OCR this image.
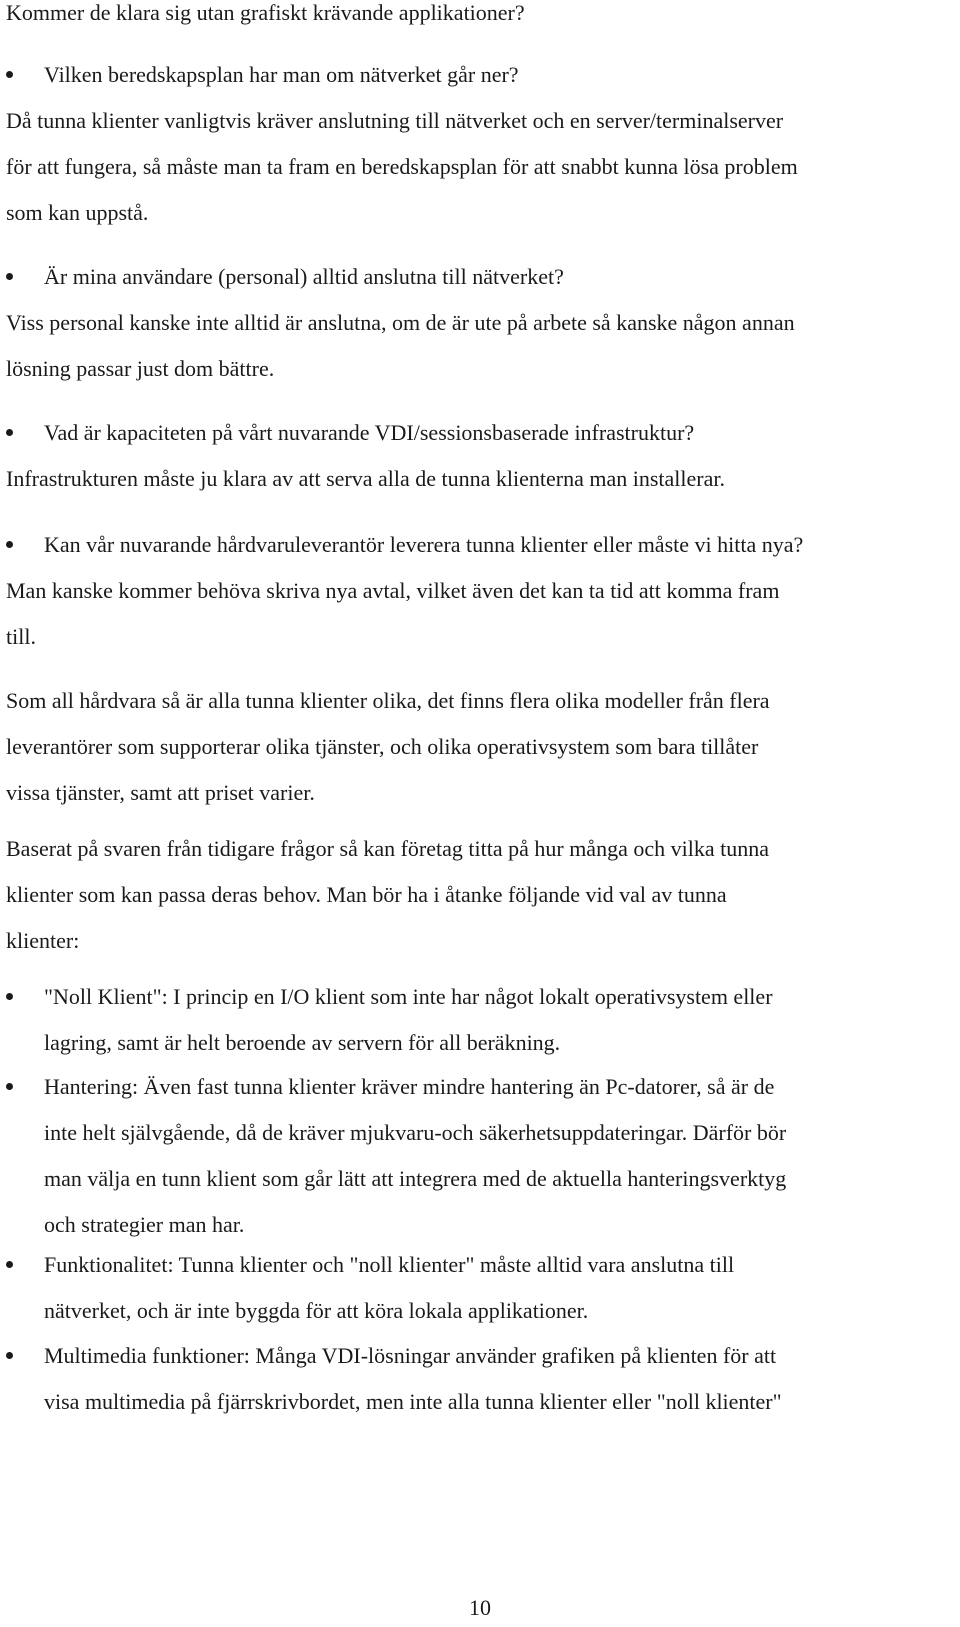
Kommer de klara sig utan grafiskt krävande applikationer?
Vilken beredskapsplan har man om nätverket går ner?
Då tunna klienter vanligtvis kräver anslutning till nätverket och en server/terminalserver
för att fungera, så måste man ta fram en beredskapsplan för att snabbt kunna lösa problem
som kan uppstå.
Är mina användare (personal) alltid anslutna till nätverket?
Viss personal kanske inte alltid är anslutna, om de är ute på arbete så kanske någon annan
lösning passar just dom bättre.
Vad är kapaciteten på vårt nuvarande VDI/sessionsbaserade infrastruktur?
Infrastrukturen måste ju klara av att serva alla de tunna klienterna man installerar.
Kan vår nuvarande hårdvaruleverantör leverera tunna klienter eller måste vi hitta nya?
Man kanske kommer behöva skriva nya avtal, vilket även det kan ta tid att komma fram
till.
Som all hårdvara så är alla tunna klienter olika, det finns flera olika modeller från flera
leverantörer som supporterar olika tjänster, och olika operativsystem som bara tillåter
vissa tjänster, samt att priset varier.
Baserat på svaren från tidigare frågor så kan företag titta på hur många och vilka tunna
klienter som kan passa deras behov. Man bör ha i åtanke följande vid val av tunna
klienter:
"Noll Klient": I princip en I/O klient som inte har något lokalt operativsystem eller
lagring, samt är helt beroende av servern för all beräkning.
Hantering: Även fast tunna klienter kräver mindre hantering än Pc-datorer, så är de
inte helt självgående, då de kräver mjukvaru-och säkerhetsuppdateringar. Därför bör
man välja en tunn klient som går lätt att integrera med de aktuella hanteringsverktyg
och strategier man har.
Funktionalitet: Tunna klienter och "noll klienter" måste alltid vara anslutna till
nätverket, och är inte byggda för att köra lokala applikationer.
Multimedia funktioner: Många VDI-lösningar använder grafiken på klienten för att
visa multimedia på fjärrskrivbordet, men inte alla tunna klienter eller "noll klienter"
10
